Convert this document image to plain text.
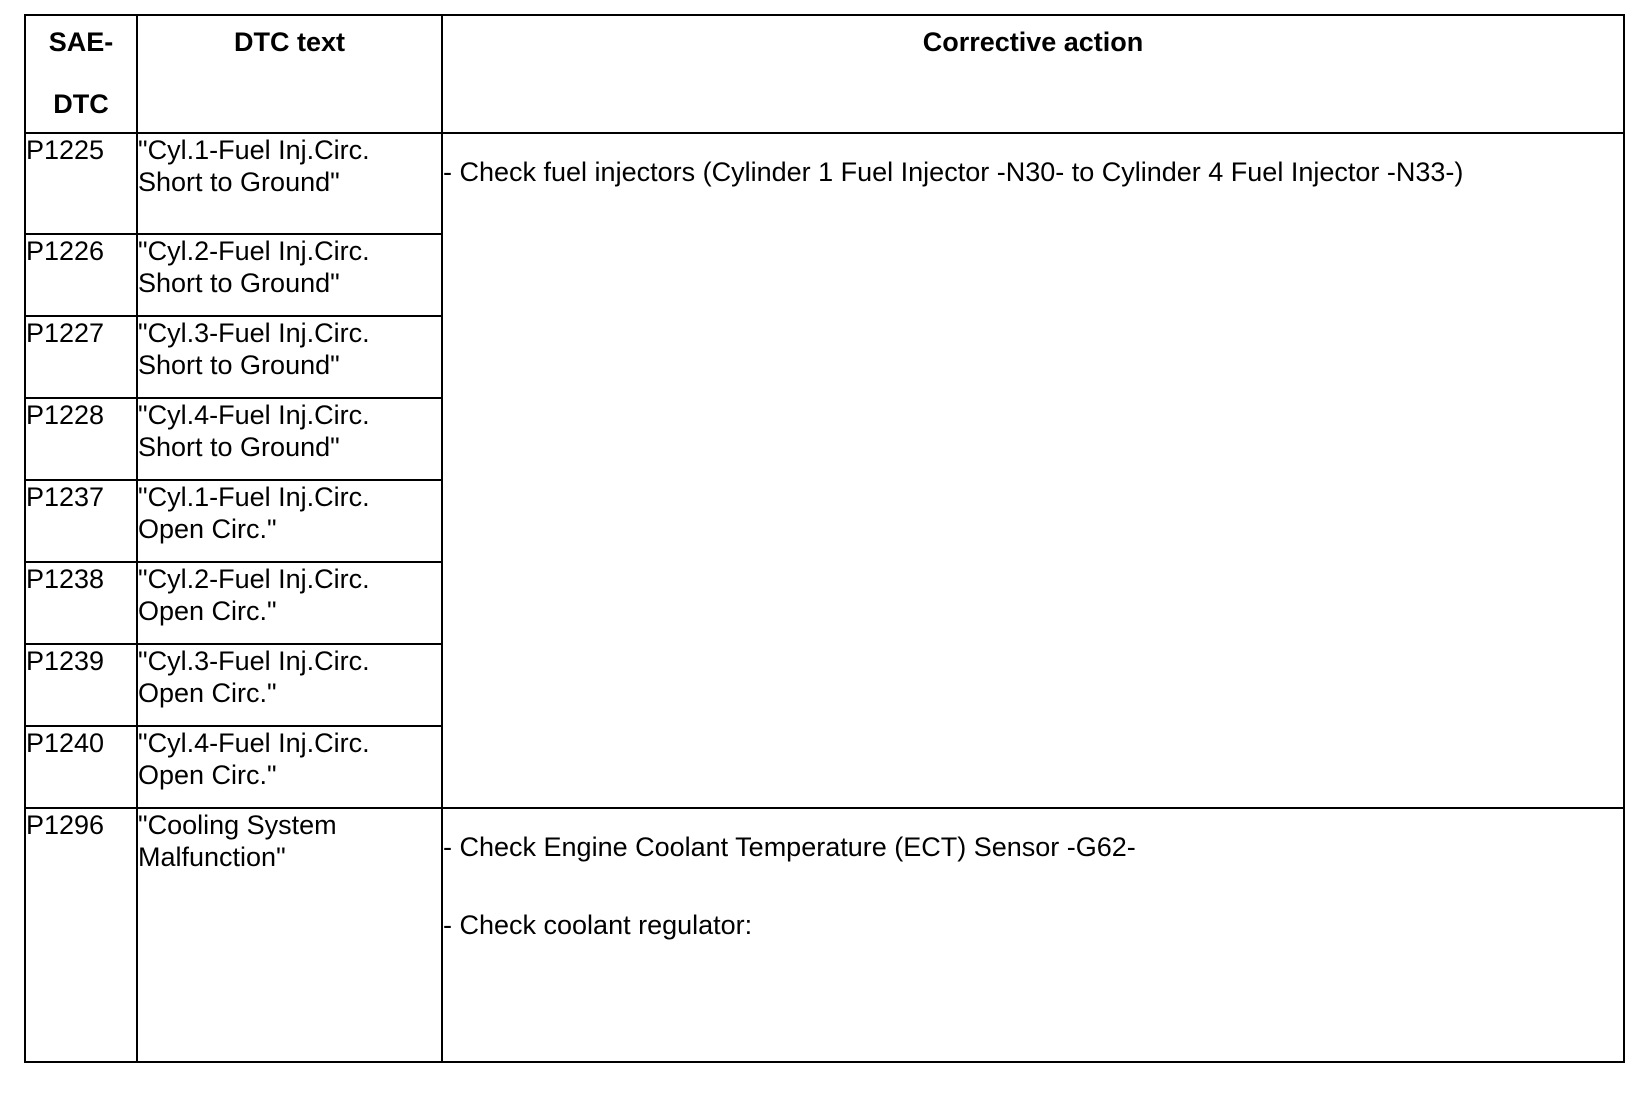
SAE-
DTC	DTC text	Corrective action

P1225	"Cyl.1-Fuel Inj.Circ.
Short to Ground"	- Check fuel injectors (Cylinder 1 Fuel Injector -N30- to Cylinder 4 Fuel Injector -N33-)

P1226	"Cyl.2-Fuel Inj.Circ.
Short to Ground"	

P1227	"Cyl.3-Fuel Inj.Circ.
Short to Ground"	

P1228	"Cyl.4-Fuel Inj.Circ.
Short to Ground"	

P1237	"Cyl.1-Fuel Inj.Circ.
Open Circ."	

P1238	"Cyl.2-Fuel Inj.Circ.
Open Circ."	

P1239	"Cyl.3-Fuel Inj.Circ.
Open Circ."	

P1240	"Cyl.4-Fuel Inj.Circ.
Open Circ."	

P1296	"Cooling System
Malfunction"	- Check Engine Coolant Temperature (ECT) Sensor -G62-
- Check coolant regulator:
